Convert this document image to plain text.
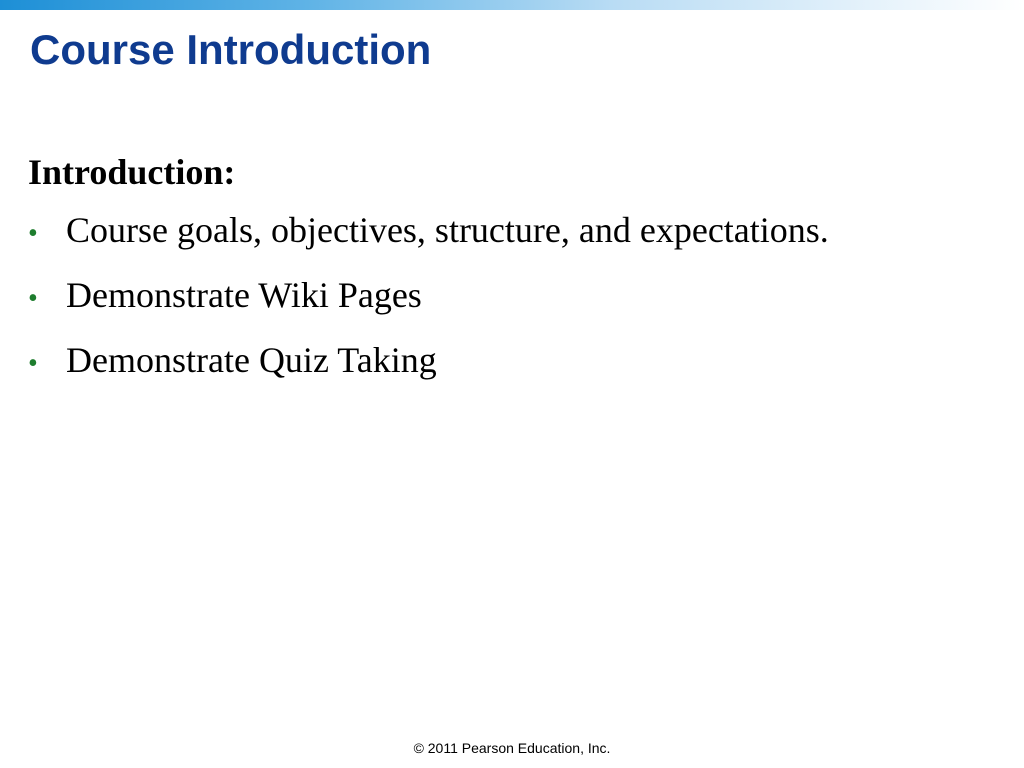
Course Introduction
Introduction:
• Course goals, objectives, structure, and expectations.
• Demonstrate Wiki Pages
• Demonstrate Quiz Taking
© 2011 Pearson Education, Inc.
